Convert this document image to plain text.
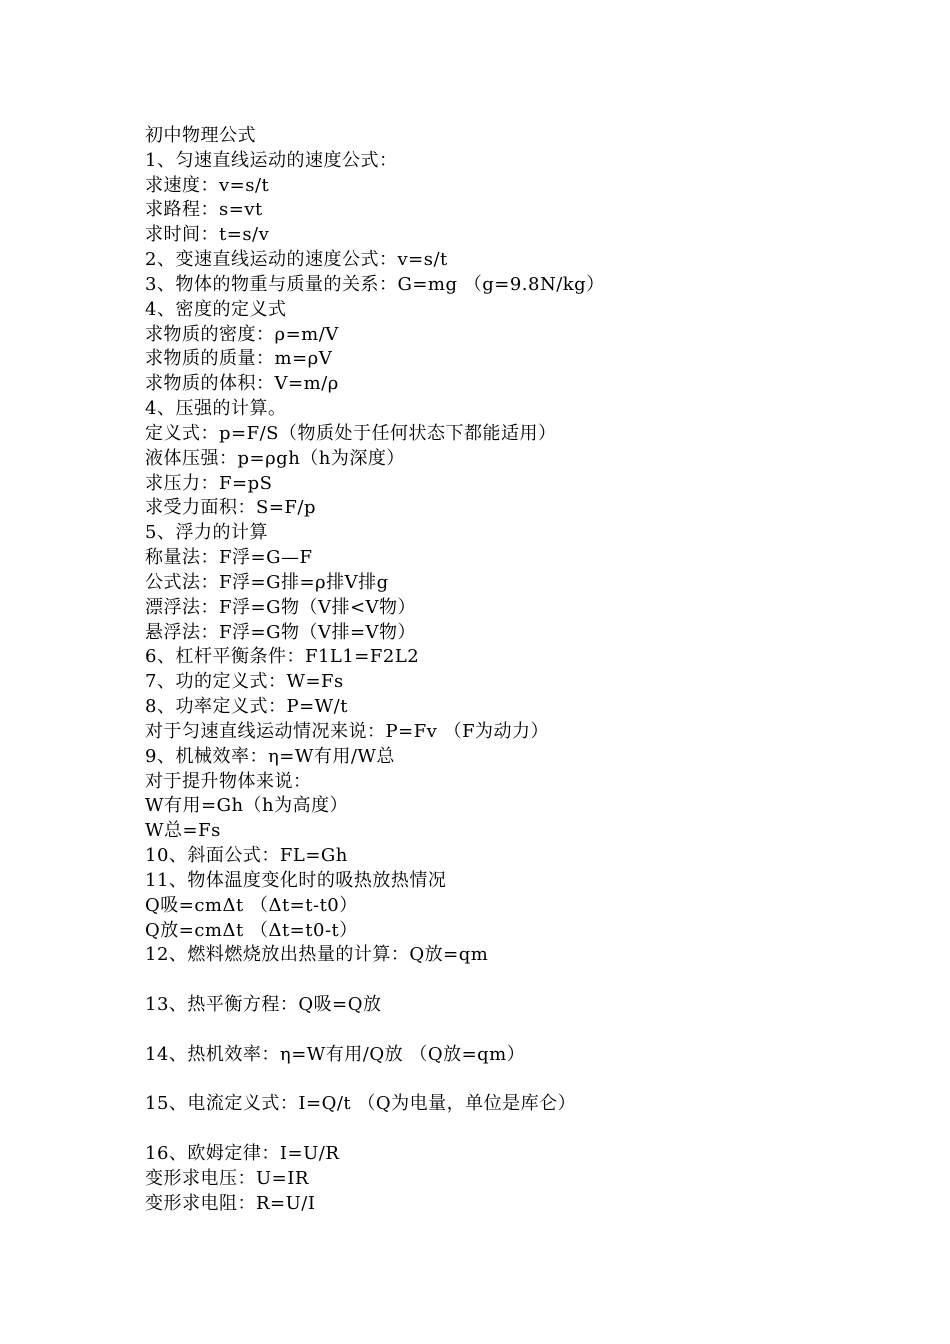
初中物理公式
1、匀速直线运动的速度公式：
求速度：v=s/t
求路程：s=vt
求时间：t=s/v
2、变速直线运动的速度公式：v=s/t
3、物体的物重与质量的关系：G=mg （g=9.8N/kg）
4、密度的定义式
求物质的密度：ρ=m/V
求物质的质量：m=ρV
求物质的体积：V=m/ρ
4、压强的计算。
定义式：p=F/S（物质处于任何状态下都能适用）
液体压强：p=ρgh（h为深度）
求压力：F=pS
求受力面积：S=F/p
5、浮力的计算
称量法：F浮=G—F
公式法：F浮=G排=ρ排V排g
漂浮法：F浮=G物（V排<V物）
悬浮法：F浮=G物（V排=V物）
6、杠杆平衡条件：F1L1=F2L2
7、功的定义式：W=Fs
8、功率定义式：P=W/t
对于匀速直线运动情况来说：P=Fv （F为动力）
9、机械效率：η=W有用/W总
对于提升物体来说：
W有用=Gh（h为高度）
W总=Fs
10、斜面公式：FL=Gh
11、物体温度变化时的吸热放热情况
Q吸=cmΔt （Δt=t-t0）
Q放=cmΔt （Δt=t0-t）
12、燃料燃烧放出热量的计算：Q放=qm
13、热平衡方程：Q吸=Q放
14、热机效率：η=W有用/Q放 （Q放=qm）
15、电流定义式：I=Q/t （Q为电量，单位是库仑）
16、欧姆定律：I=U/R
变形求电压：U=IR
变形求电阻：R=U/I
